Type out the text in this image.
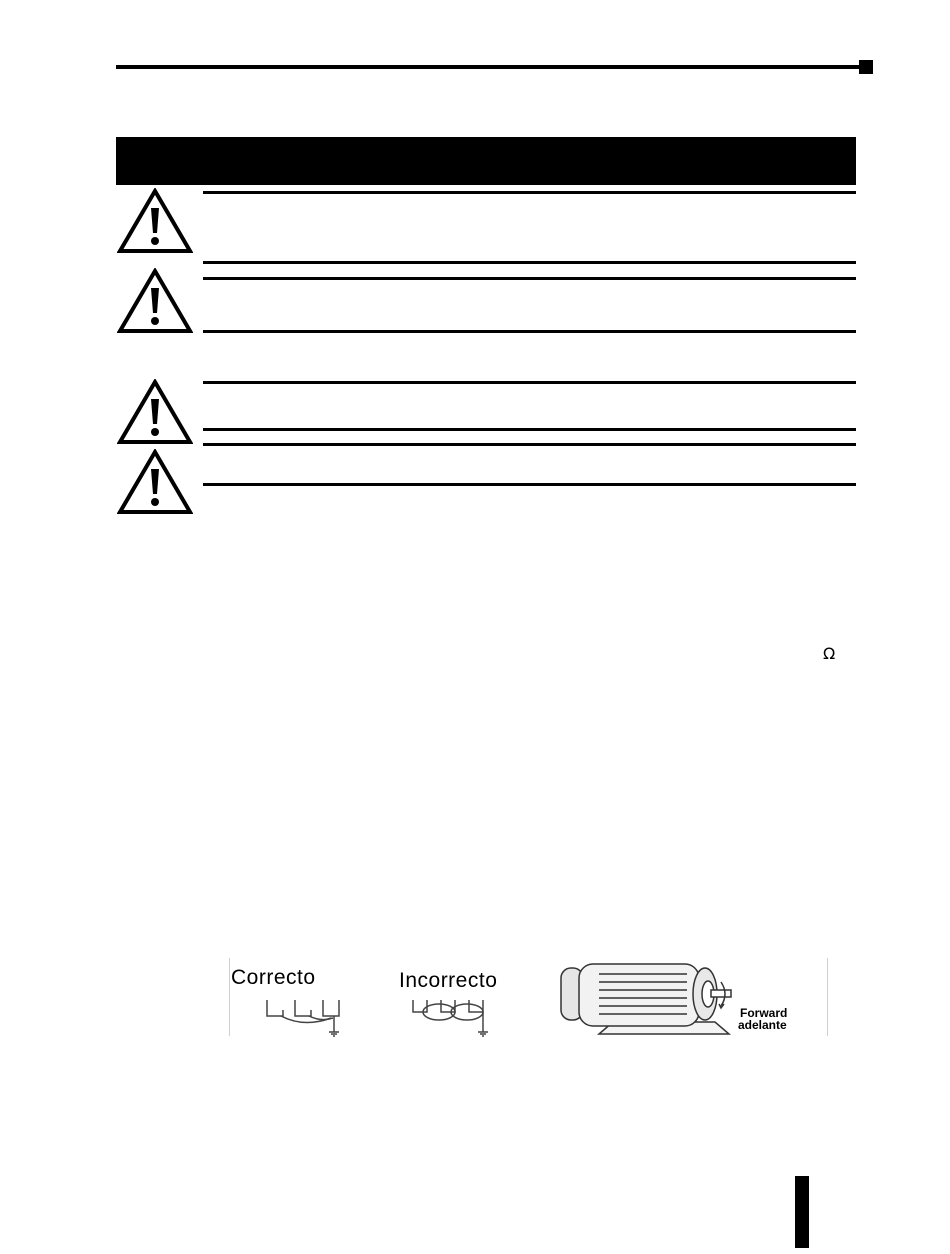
Ω
Correcto	Incorrecto
Forward
adelante
